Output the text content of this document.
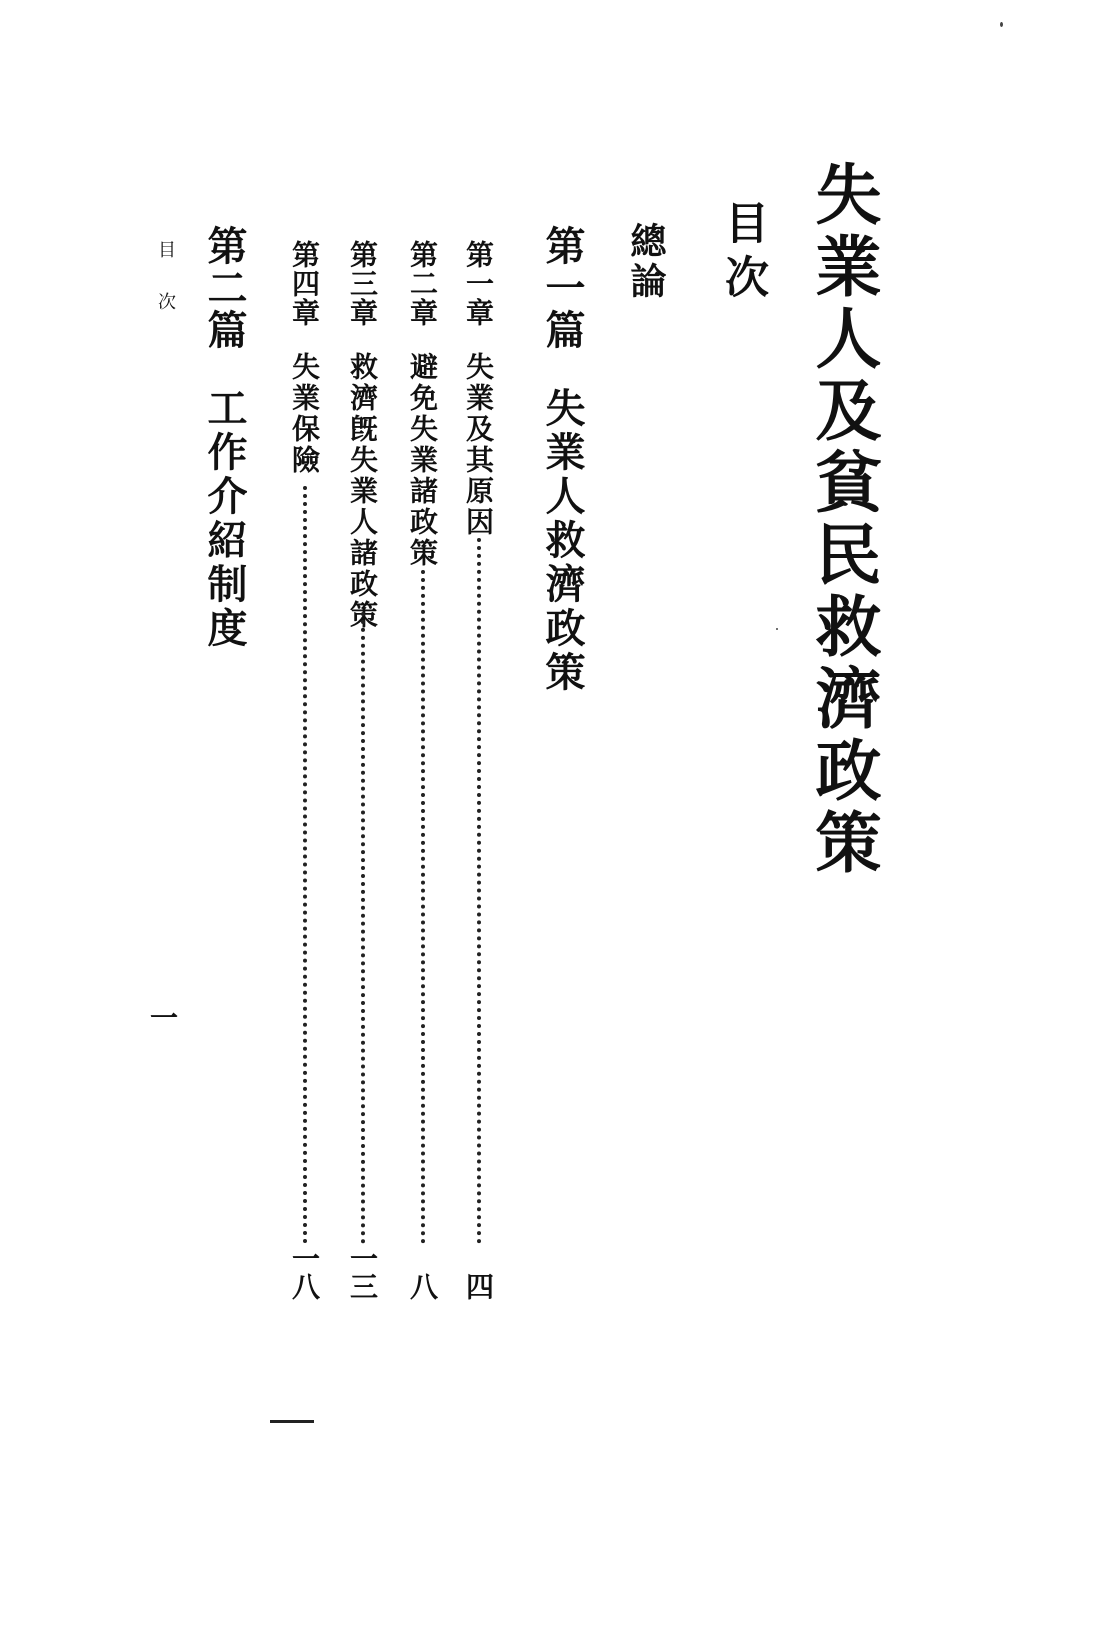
失業人及貧民救濟政策
目次
總論
第一篇失業人救濟政策
第一章
失業及其原因
四
第二章
避免失業諸政策
八
第三章
救濟旣失業人諸政策
一三
第四章
失業保險
一八
第二篇工作介紹制度
目次
一
